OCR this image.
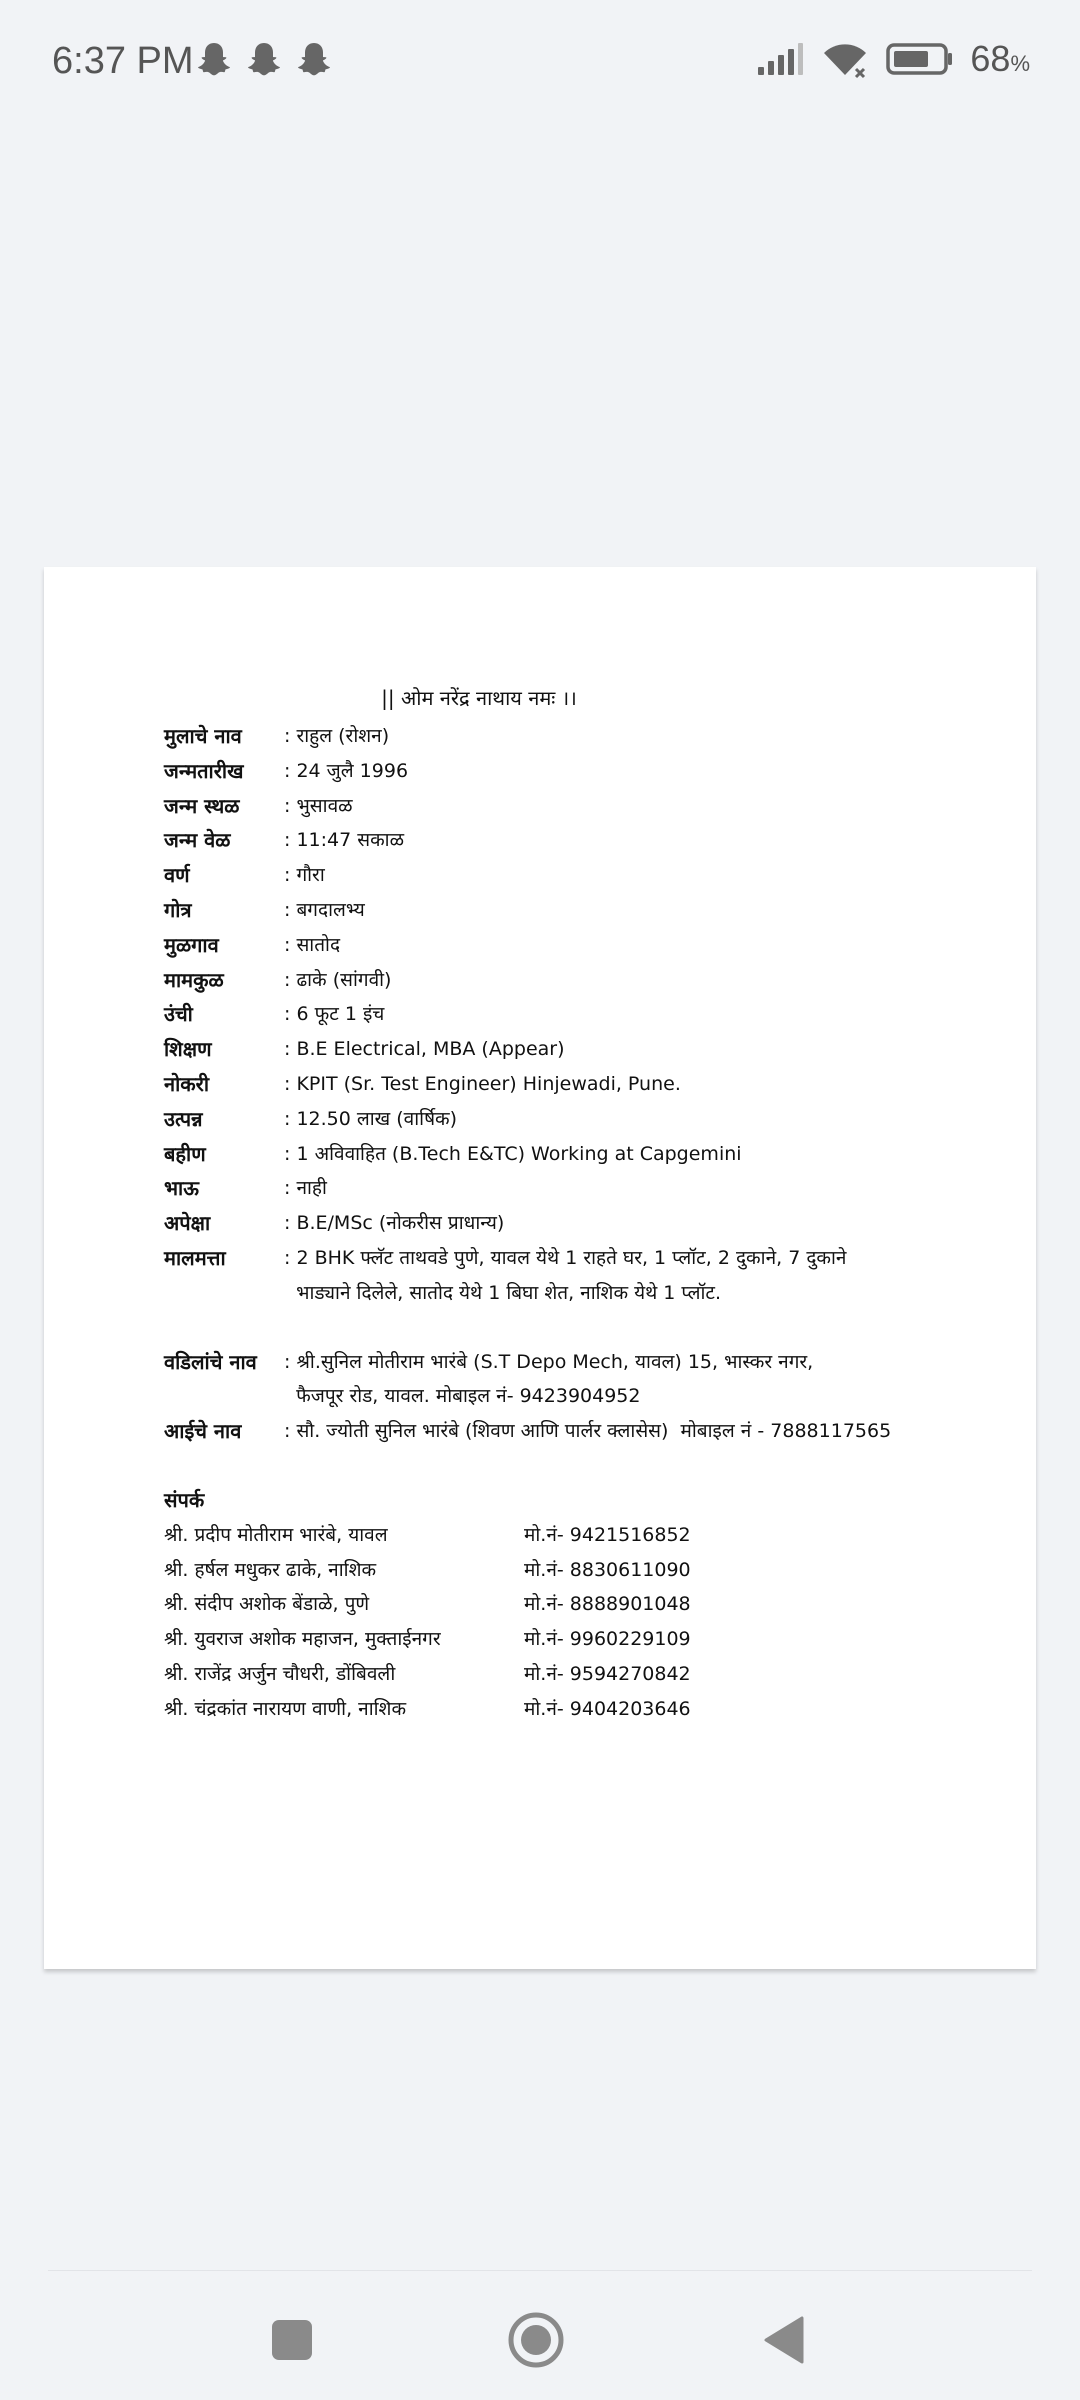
6:37 PM	68%
|| ओम नरेंद्र नाथाय नमः ।।
मुलाचे नाव	: राहुल (रोशन)
जन्मतारीख	: 24 जुलै 1996
जन्म स्थळ	: भुसावळ
जन्म वेळ	: 11:47 सकाळ
वर्ण	: गौरा
गोत्र	: बगदालभ्य
मुळगाव	: सातोद
मामकुळ	: ढाके (सांगवी)
उंची	: 6 फूट 1 इंच
शिक्षण	: B.E Electrical, MBA (Appear)
नोकरी	: KPIT (Sr. Test Engineer) Hinjewadi, Pune.
उत्पन्न	: 12.50 लाख (वार्षिक)
बहीण	: 1 अविवाहित (B.Tech E&TC) Working at Capgemini
भाऊ	: नाही
अपेक्षा	: B.E/MSc (नोकरीस प्राधान्य)
मालमत्ता	: 2 BHK फ्लॅट ताथवडे पुणे, यावल येथे 1 राहते घर, 1 प्लॉट, 2 दुकाने, 7 दुकाने
भाड्याने दिलेले, सातोद येथे 1 बिघा शेत, नाशिक येथे 1 प्लॉट.
वडिलांचे नाव	: श्री.सुनिल मोतीराम भारंबे (S.T Depo Mech, यावल) 15, भास्कर नगर,
फैजपूर रोड, यावल. मोबाइल नं- 9423904952
आईचे नाव	: सौ. ज्योती सुनिल भारंबे (शिवण आणि पार्लर क्लासेस)  मोबाइल नं - 7888117565
संपर्क
श्री. प्रदीप मोतीराम भारंबे, यावल	मो.नं- 9421516852
श्री. हर्षल मधुकर ढाके, नाशिक	मो.नं- 8830611090
श्री. संदीप अशोक बेंडाळे, पुणे	मो.नं- 8888901048
श्री. युवराज अशोक महाजन, मुक्ताईनगर	मो.नं- 9960229109
श्री. राजेंद्र अर्जुन चौधरी, डोंबिवली	मो.नं- 9594270842
श्री. चंद्रकांत नारायण वाणी, नाशिक	मो.नं- 9404203646
